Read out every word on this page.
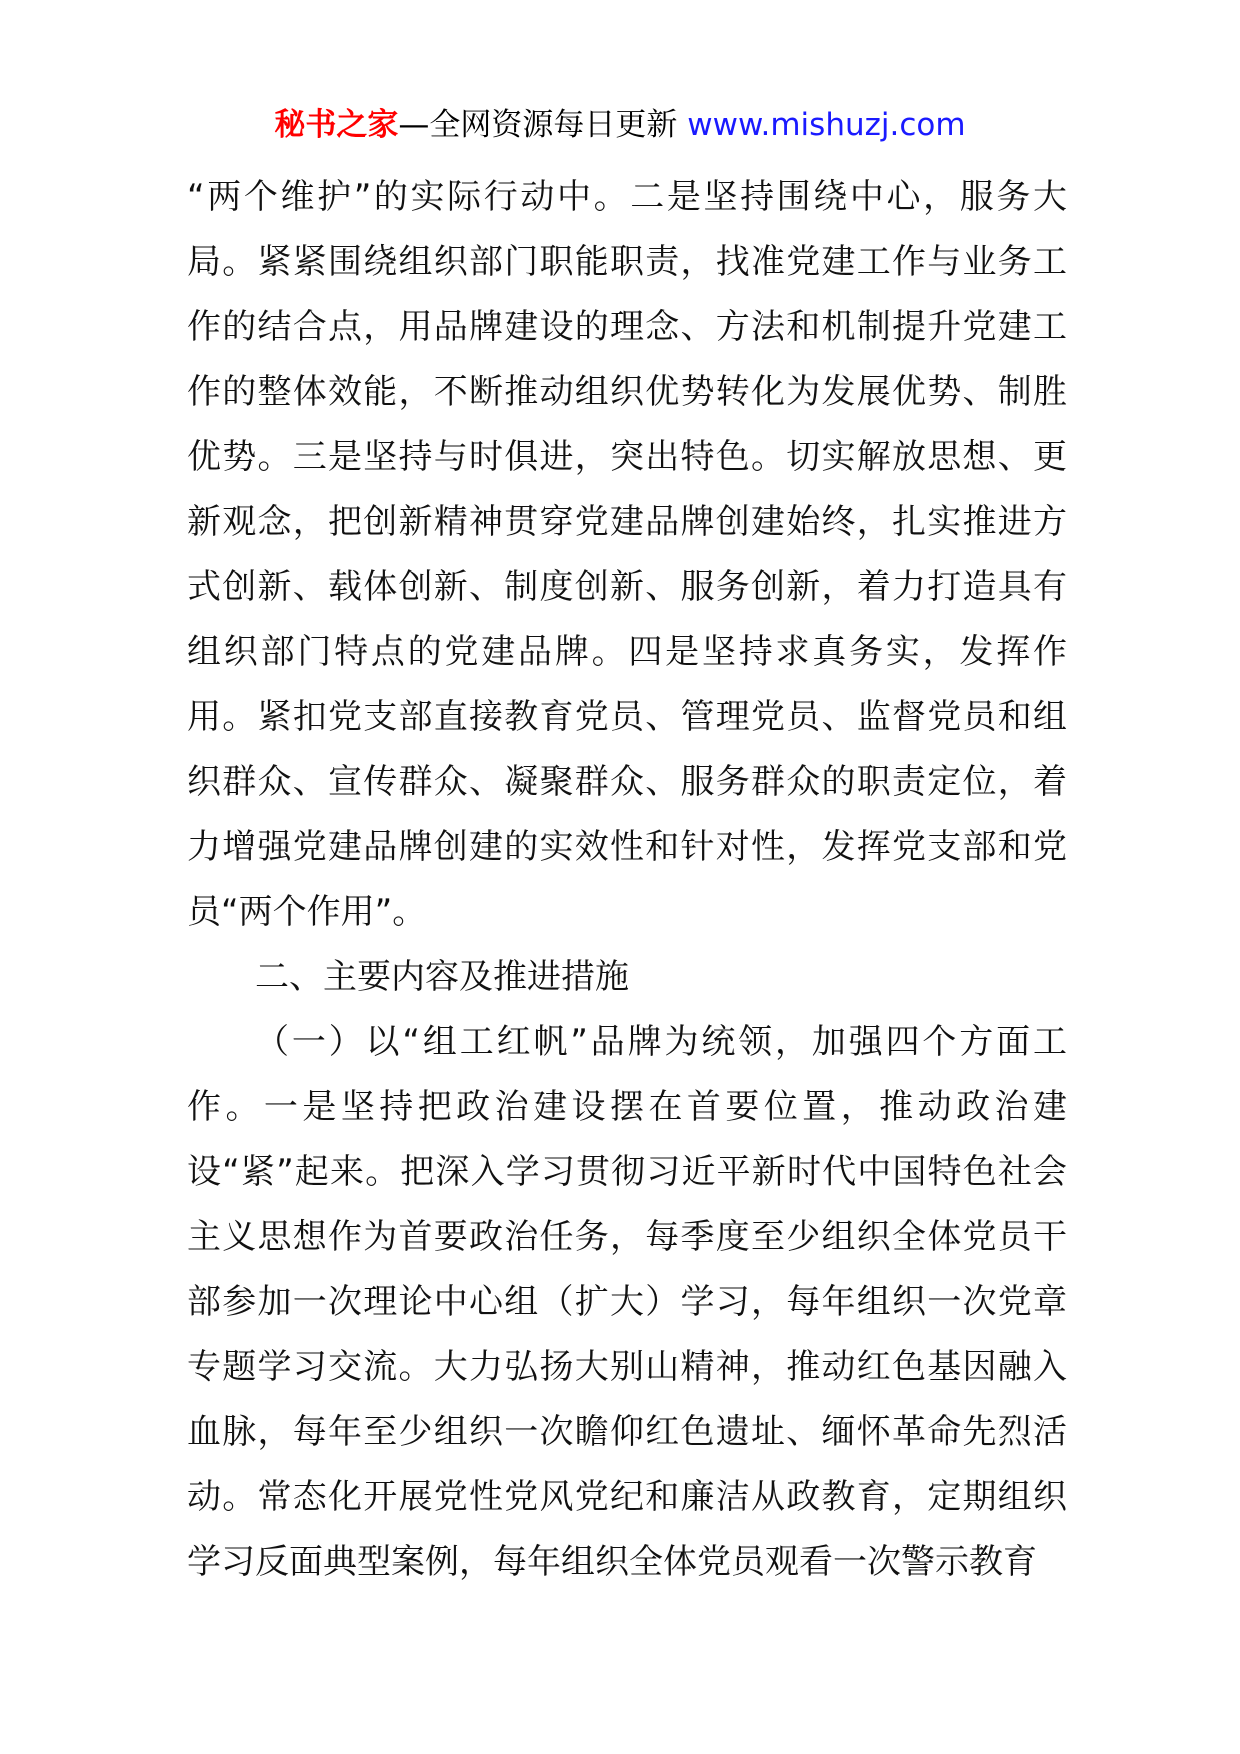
秘书之家—全网资源每日更新 www.mishuzj.com

“两个维护”的实际行动中。二是坚持围绕中心，服务大局。紧紧围绕组织部门职能职责，找准党建工作与业务工作的结合点，用品牌建设的理念、方法和机制提升党建工作的整体效能，不断推动组织优势转化为发展优势、制胜优势。三是坚持与时俱进，突出特色。切实解放思想、更新观念，把创新精神贯穿党建品牌创建始终，扎实推进方式创新、载体创新、制度创新、服务创新，着力打造具有组织部门特点的党建品牌。四是坚持求真务实，发挥作用。紧扣党支部直接教育党员、管理党员、监督党员和组织群众、宣传群众、凝聚群众、服务群众的职责定位，着力增强党建品牌创建的实效性和针对性，发挥党支部和党员“两个作用”。

二、主要内容及推进措施

（一）以“组工红帆”品牌为统领，加强四个方面工作。一是坚持把政治建设摆在首要位置，推动政治建设“紧”起来。把深入学习贯彻习近平新时代中国特色社会主义思想作为首要政治任务，每季度至少组织全体党员干部参加一次理论中心组（扩大）学习，每年组织一次党章专题学习交流。大力弘扬大别山精神，推动红色基因融入血脉，每年至少组织一次瞻仰红色遗址、缅怀革命先烈活动。常态化开展党性党风党纪和廉洁从政教育，定期组织学习反面典型案例，每年组织全体党员观看一次警示教育
